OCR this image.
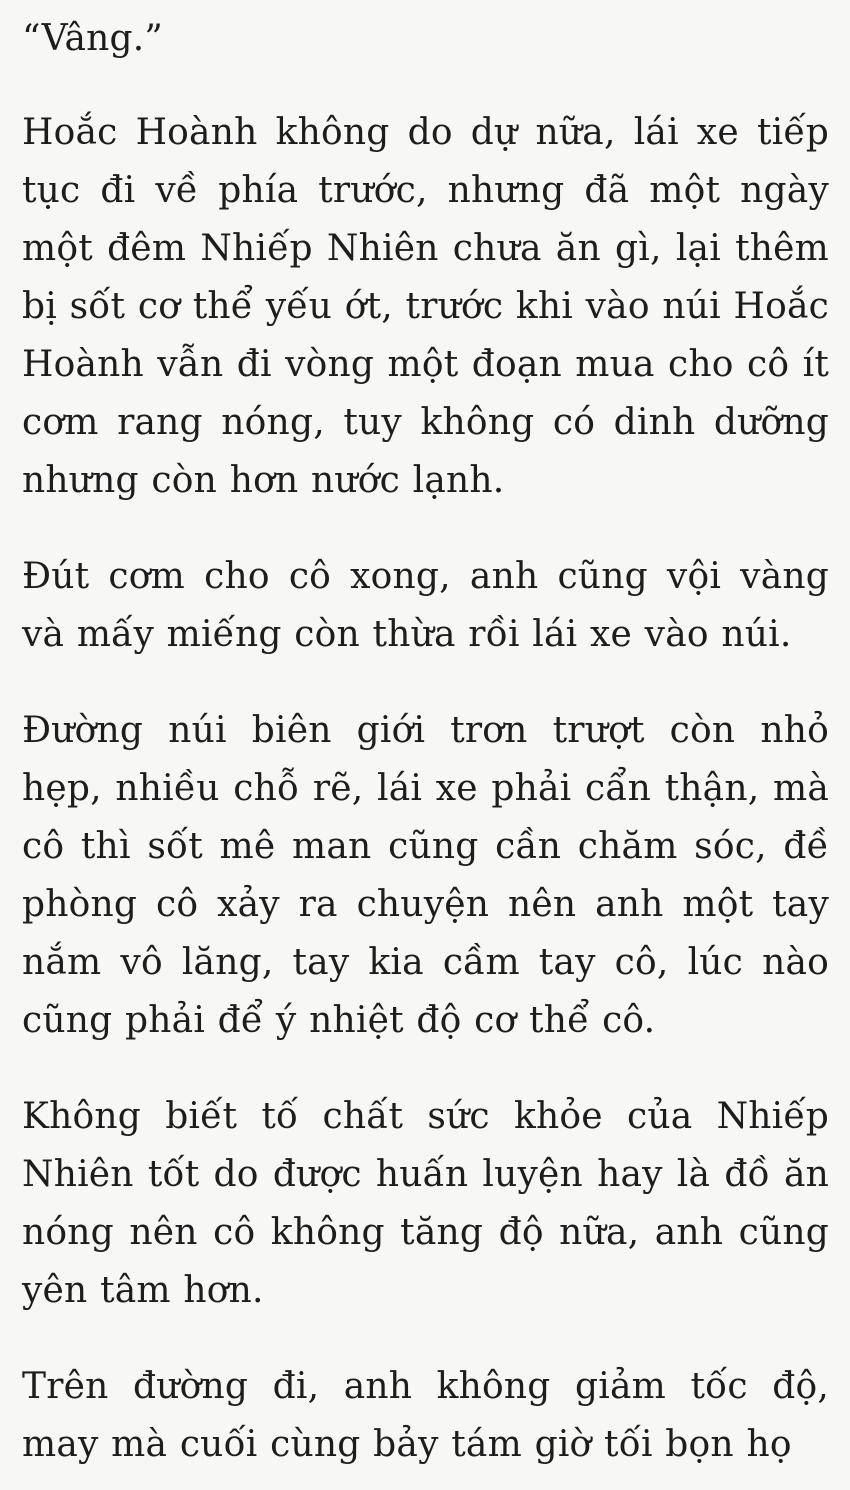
“Vâng.”

Hoắc Hoành không do dự nữa, lái xe tiếp tục đi về phía trước, nhưng đã một ngày một đêm Nhiếp Nhiên chưa ăn gì, lại thêm bị sốt cơ thể yếu ớt, trước khi vào núi Hoắc Hoành vẫn đi vòng một đoạn mua cho cô ít cơm rang nóng, tuy không có dinh dưỡng nhưng còn hơn nước lạnh.

Đút cơm cho cô xong, anh cũng vội vàng và mấy miếng còn thừa rồi lái xe vào núi.

Đường núi biên giới trơn trượt còn nhỏ hẹp, nhiều chỗ rẽ, lái xe phải cẩn thận, mà cô thì sốt mê man cũng cần chăm sóc, đề phòng cô xảy ra chuyện nên anh một tay nắm vô lăng, tay kia cầm tay cô, lúc nào cũng phải để ý nhiệt độ cơ thể cô.

Không biết tố chất sức khỏe của Nhiếp Nhiên tốt do được huấn luyện hay là đồ ăn nóng nên cô không tăng độ nữa, anh cũng yên tâm hơn.

Trên đường đi, anh không giảm tốc độ, may mà cuối cùng bảy tám giờ tối bọn họ
